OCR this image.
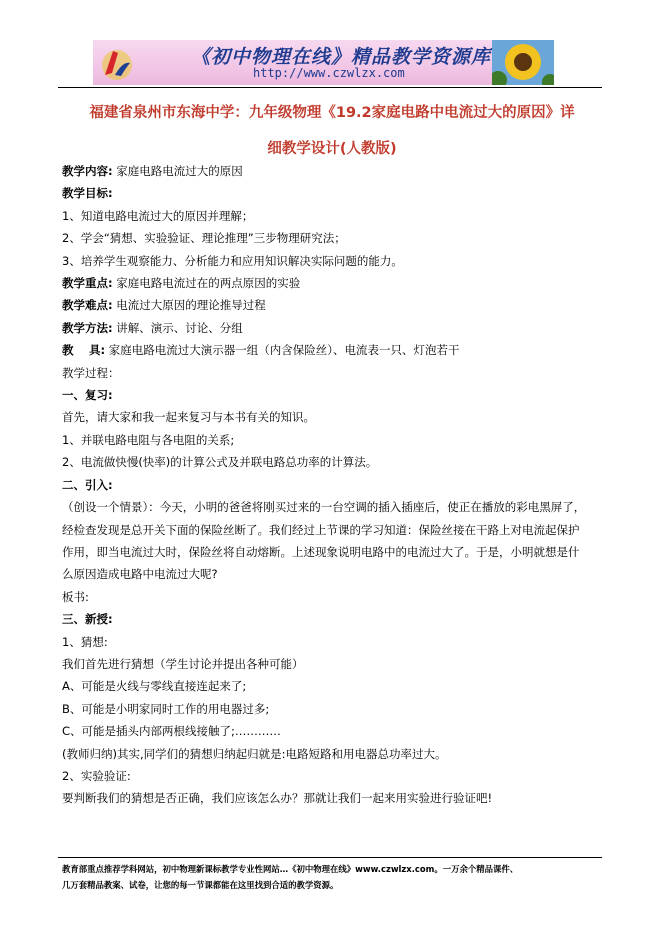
《初中物理在线》精品教学资源库
http://www.czwlzx.com
福建省泉州市东海中学：九年级物理《19.2家庭电路中电流过大的原因》详
细教学设计(人教版)
教学内容: 家庭电路电流过大的原因
教学目标:
1、知道电路电流过大的原因并理解；
2、学会“猜想、实验验证、理论推理”三步物理研究法；
3、培养学生观察能力、分析能力和应用知识解决实际问题的能力。
教学重点: 家庭电路电流过在的两点原因的实验
教学难点: 电流过大原因的理论推导过程
教学方法: 讲解、演示、讨论、分组
教　 具: 家庭电路电流过大演示器一组（内含保险丝）、电流表一只、灯泡若干
教学过程：
一、复习:
首先，请大家和我一起来复习与本书有关的知识。
1、并联电路电阻与各电阻的关系;
2、电流做快慢(快率)的计算公式及并联电路总功率的计算法。
二、引入:
（创设一个情景）：今天，小明的爸爸将刚买过来的一台空调的插入插座后，使正在播放的彩电黑屏了，经检查发现是总开关下面的保险丝断了。我们经过上节课的学习知道：保险丝接在干路上对电流起保护作用，即当电流过大时，保险丝将自动熔断。上述现象说明电路中的电流过大了。于是，小明就想是什么原因造成电路中电流过大呢?
板书:
三、新授:
1、猜想:
我们首先进行猜想（学生讨论并提出各种可能）
A、可能是火线与零线直接连起来了;
B、可能是小明家同时工作的用电器过多;
C、可能是插头内部两根线接触了;…………
(教师归纳)其实,同学们的猜想归纳起归就是:电路短路和用电器总功率过大。
2、实验验证:
要判断我们的猜想是否正确，我们应该怎么办？那就让我们一起来用实验进行验证吧!
教育部重点推荐学科网站，初中物理新课标教学专业性网站…《初中物理在线》www.czwlzx.com。一万余个精品课件、
几万套精品教案、试卷，让您的每一节课都能在这里找到合适的教学资源。
